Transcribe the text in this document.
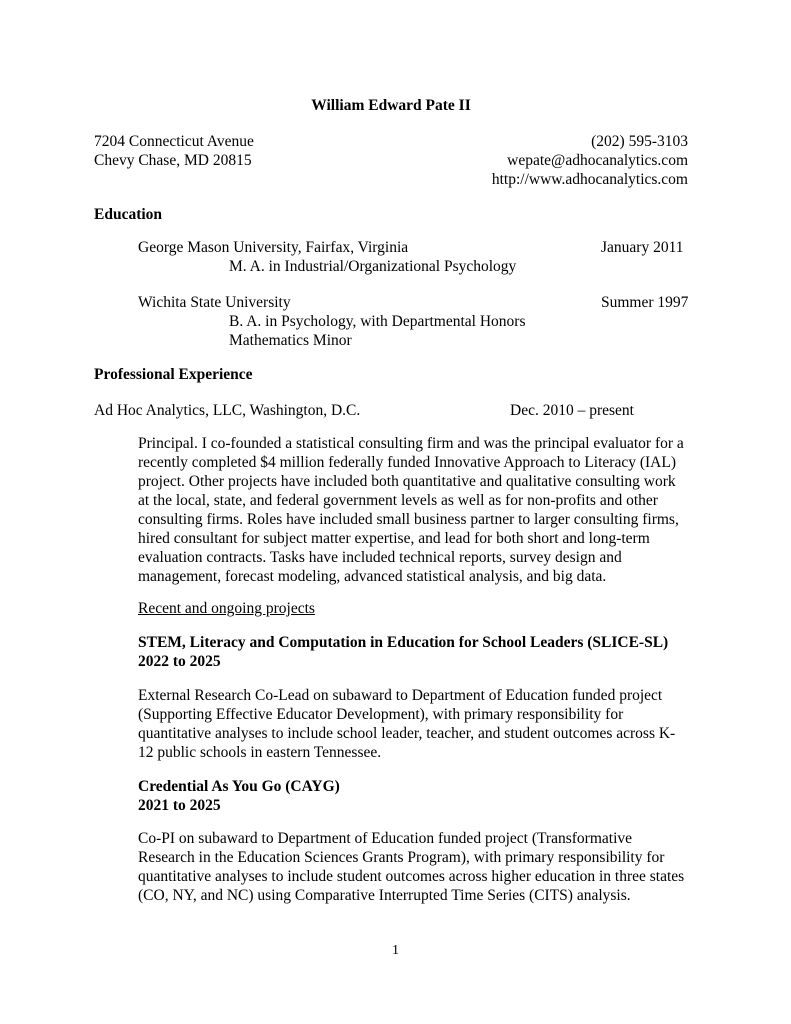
William Edward Pate II
7204 Connecticut Avenue
Chevy Chase, MD 20815
(202) 595-3103
wepate@adhocanalytics.com
http://www.adhocanalytics.com
Education
George Mason University, Fairfax, Virginia	January 2011
M. A. in Industrial/Organizational Psychology
Wichita State University	Summer 1997
B. A. in Psychology, with Departmental Honors
Mathematics Minor
Professional Experience
Ad Hoc Analytics, LLC, Washington, D.C.	Dec. 2010 – present
Principal. I co-founded a statistical consulting firm and was the principal evaluator for a recently completed $4 million federally funded Innovative Approach to Literacy (IAL) project. Other projects have included both quantitative and qualitative consulting work at the local, state, and federal government levels as well as for non-profits and other consulting firms. Roles have included small business partner to larger consulting firms, hired consultant for subject matter expertise, and lead for both short and long-term evaluation contracts. Tasks have included technical reports, survey design and management, forecast modeling, advanced statistical analysis, and big data.
Recent and ongoing projects
STEM, Literacy and Computation in Education for School Leaders (SLICE-SL)
2022 to 2025
External Research Co-Lead on subaward to Department of Education funded project (Supporting Effective Educator Development), with primary responsibility for quantitative analyses to include school leader, teacher, and student outcomes across K-12 public schools in eastern Tennessee.
Credential As You Go (CAYG)
2021 to 2025
Co-PI on subaward to Department of Education funded project (Transformative Research in the Education Sciences Grants Program), with primary responsibility for quantitative analyses to include student outcomes across higher education in three states (CO, NY, and NC) using Comparative Interrupted Time Series (CITS) analysis.
1
